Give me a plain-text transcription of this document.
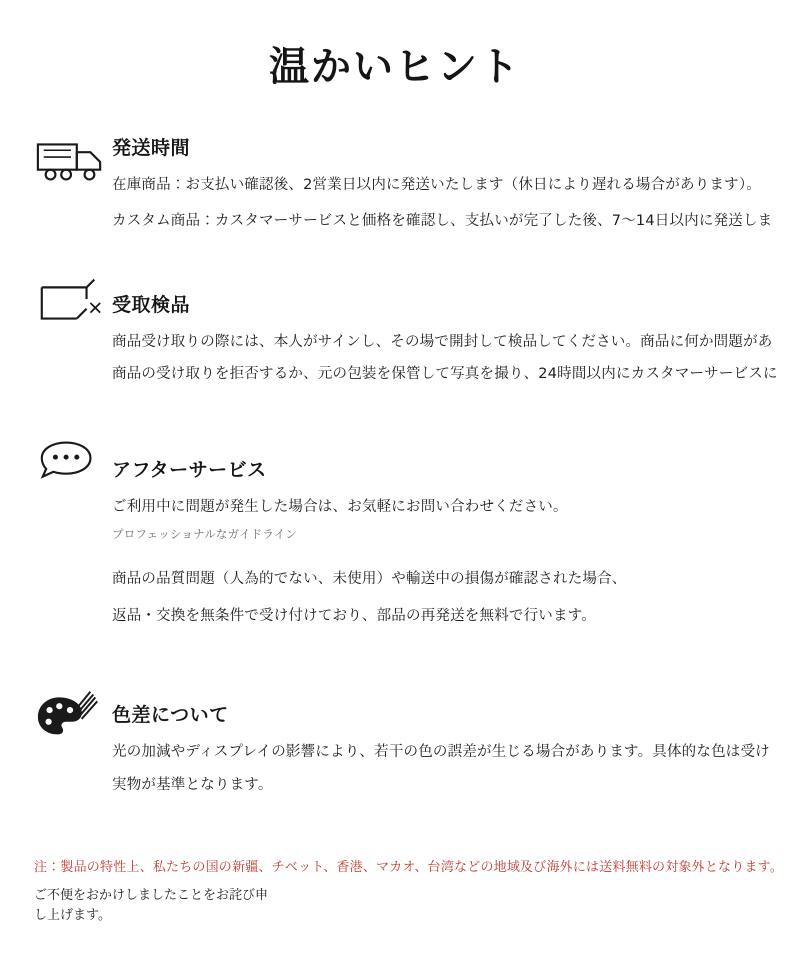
温かいヒント
発送時間
在庫商品：お支払い確認後、2営業日以内に発送いたします（休日により遅れる場合があります）。
カスタム商品：カスタマーサービスと価格を確認し、支払いが完了した後、7〜14日以内に発送しま
受取検品
商品受け取りの際には、本人がサインし、その場で開封して検品してください。商品に何か問題があ
商品の受け取りを拒否するか、元の包装を保管して写真を撮り、24時間以内にカスタマーサービスに
アフターサービス
ご利用中に問題が発生した場合は、お気軽にお問い合わせください。
プロフェッショナルなガイドライン
商品の品質問題（人為的でない、未使用）や輸送中の損傷が確認された場合、
返品・交換を無条件で受け付けており、部品の再発送を無料で行います。
色差について
光の加減やディスプレイの影響により、若干の色の誤差が生じる場合があります。具体的な色は受け
実物が基準となります。
注：製品の特性上、私たちの国の新疆、チベット、香港、マカオ、台湾などの地域及び海外には送料無料の対象外となります。
ご不便をおかけしましたことをお詫び申
し上げます。
